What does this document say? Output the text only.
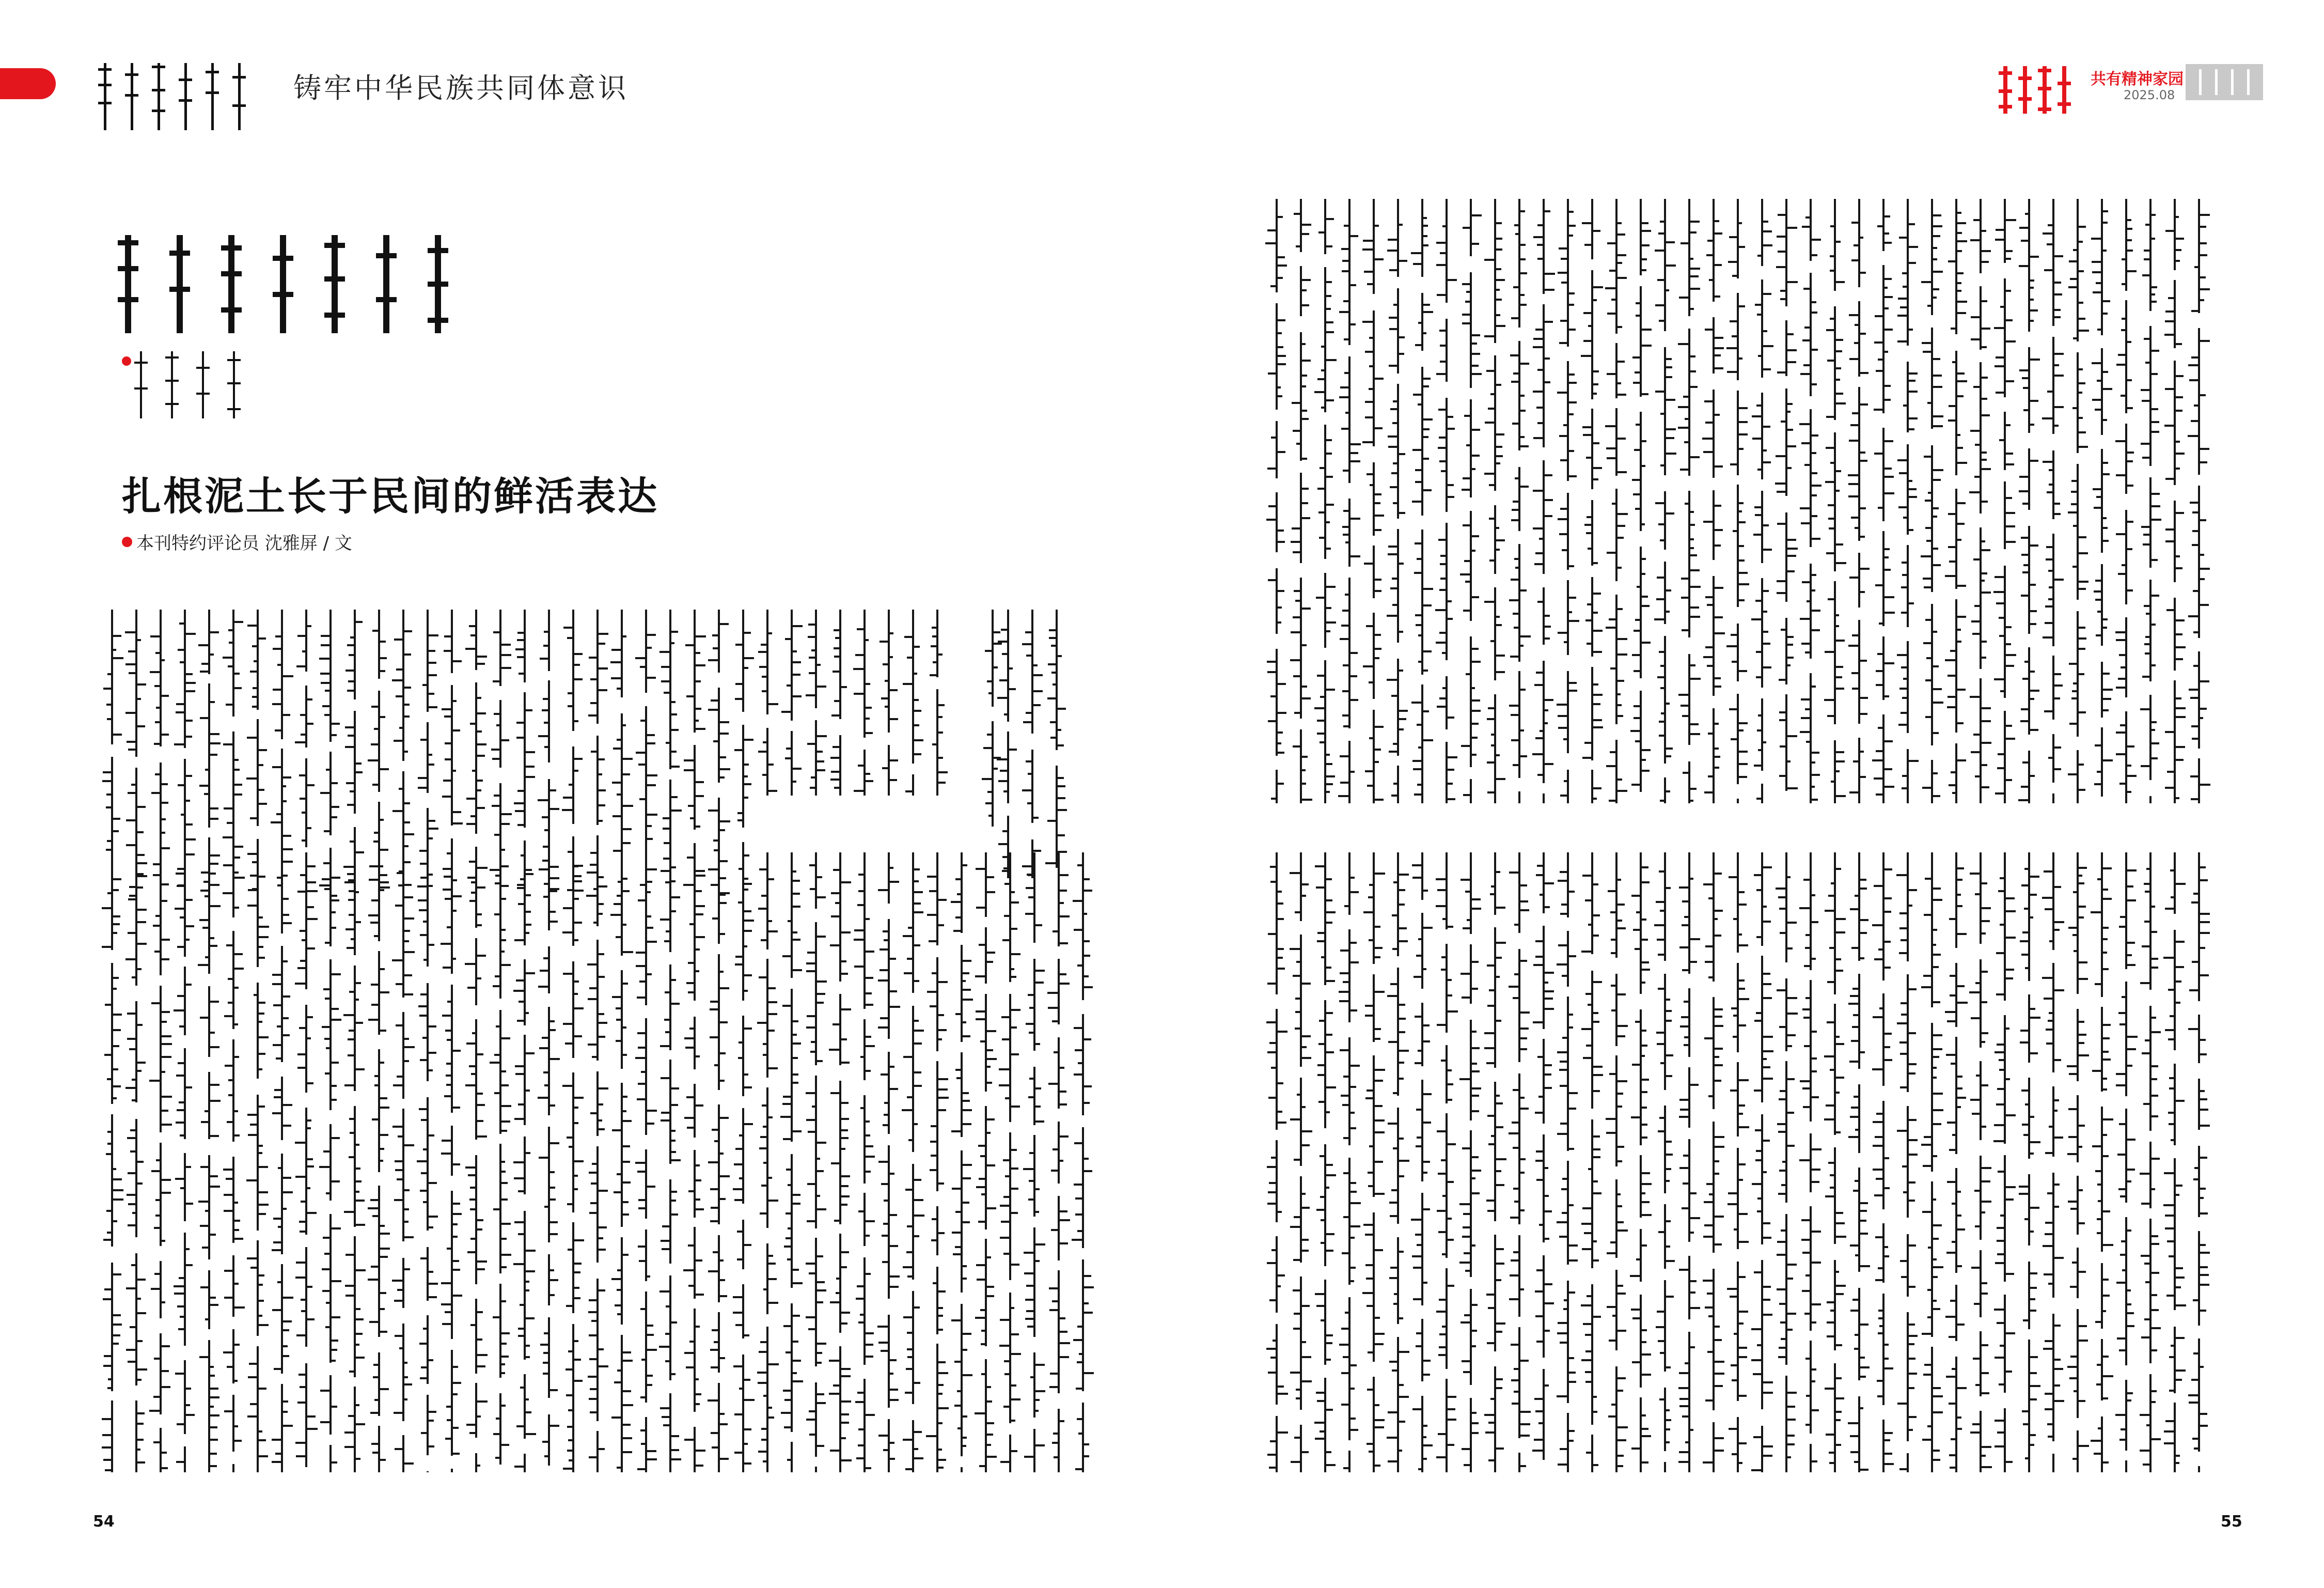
铸牢中华民族共同体意识	共有精神家园
2025.08
扎根泥土长于民间的鲜活表达
本刊特约评论员 沈雅屏 / 文
54	55
